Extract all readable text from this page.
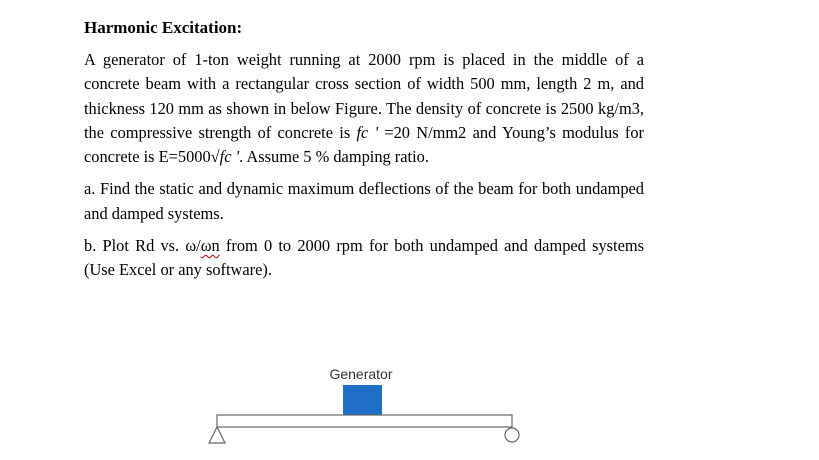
Harmonic Excitation:

A generator of 1-ton weight running at 2000 rpm is placed in the middle of a concrete beam with a rectangular cross section of width 500 mm, length 2 m, and thickness 120 mm as shown in below Figure. The density of concrete is 2500 kg/m3, the compressive strength of concrete is fc ' =20 N/mm2 and Young’s modulus for concrete is E=5000√fc '. Assume 5 % damping ratio.

a. Find the static and dynamic maximum deflections of the beam for both undamped and damped systems.

b. Plot Rd vs. ω/ωn from 0 to 2000 rpm for both undamped and damped systems (Use Excel or any software).

Generator
